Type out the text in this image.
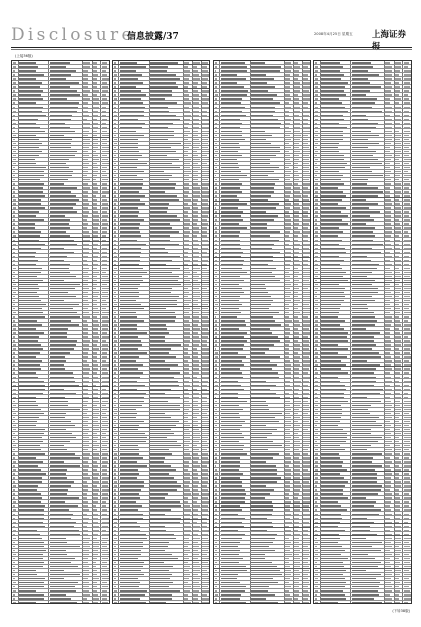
Disclosure
信息披露/37	2008年4月25日 星期五 上海证券
(上接36版)
(下转38版)
